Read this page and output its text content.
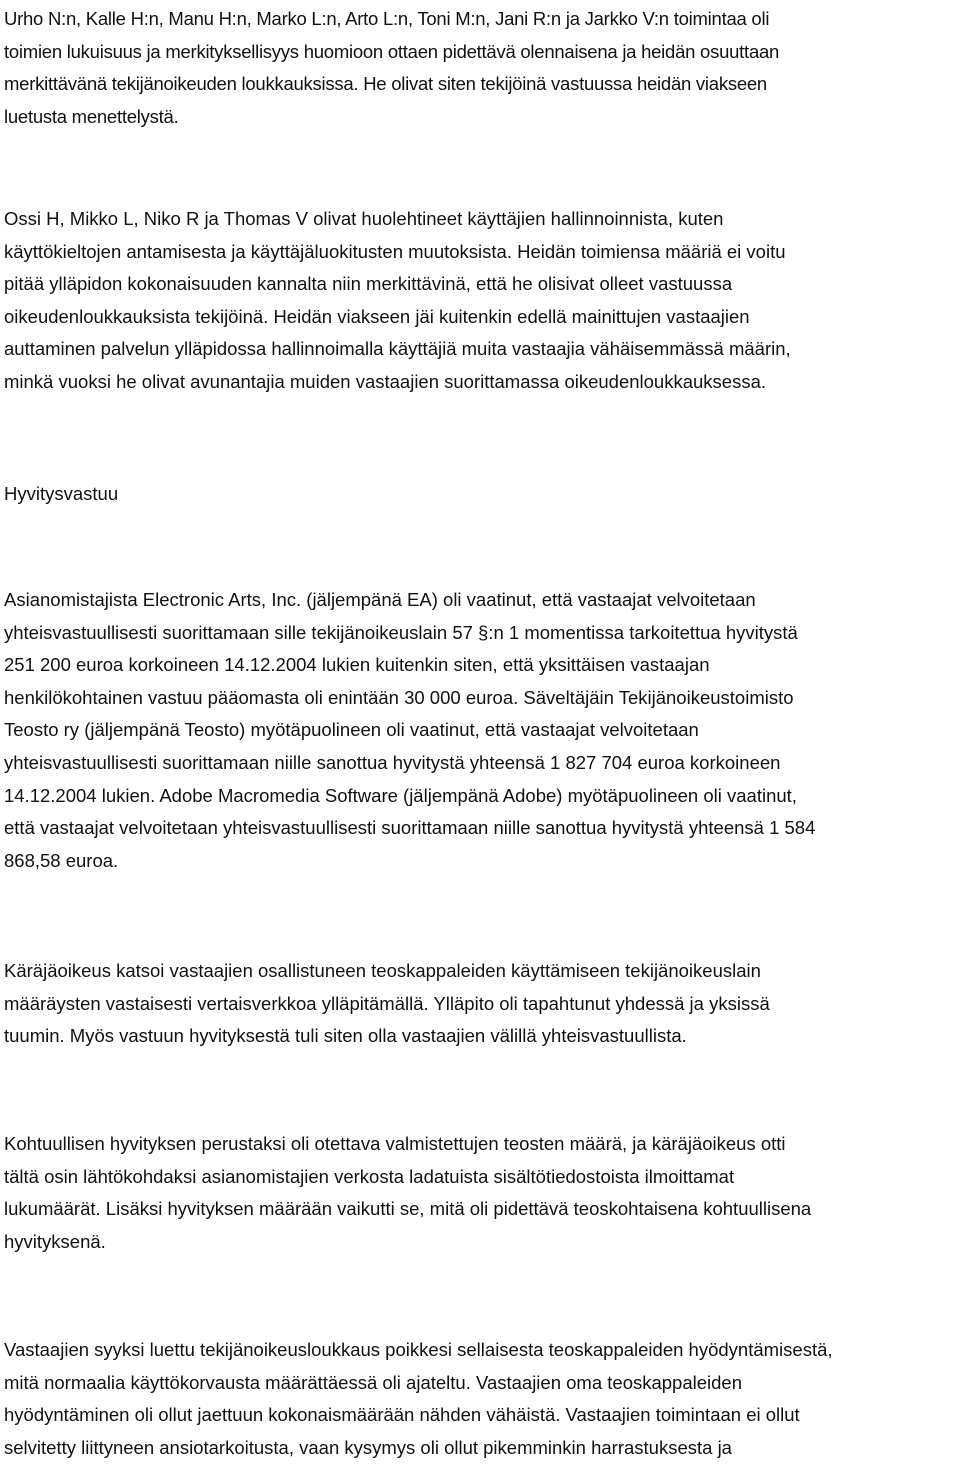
Urho N:n, Kalle H:n, Manu H:n, Marko L:n, Arto L:n, Toni M:n, Jani R:n ja Jarkko V:n toimintaa oli
toimien lukuisuus ja merkityksellisyys huomioon ottaen pidettävä olennaisena ja heidän osuuttaan
merkittävänä tekijänoikeuden loukkauksissa. He olivat siten tekijöinä vastuussa heidän viakseen
luetusta menettelystä.

Ossi H, Mikko L, Niko R ja Thomas V olivat huolehtineet käyttäjien hallinnoinnista, kuten
käyttökieltojen antamisesta ja käyttäjäluokitusten muutoksista. Heidän toimiensa määriä ei voitu
pitää ylläpidon kokonaisuuden kannalta niin merkittävinä, että he olisivat olleet vastuussa
oikeudenloukkauksista tekijöinä. Heidän viakseen jäi kuitenkin edellä mainittujen vastaajien
auttaminen palvelun ylläpidossa hallinnoimalla käyttäjiä muita vastaajia vähäisemmässä määrin,
minkä vuoksi he olivat avunantajia muiden vastaajien suorittamassa oikeudenloukkauksessa.

Hyvitysvastuu

Asianomistajista Electronic Arts, Inc. (jäljempänä EA) oli vaatinut, että vastaajat velvoitetaan
yhteisvastuullisesti suorittamaan sille tekijänoikeuslain 57 §:n 1 momentissa tarkoitettua hyvitystä
251 200 euroa korkoineen 14.12.2004 lukien kuitenkin siten, että yksittäisen vastaajan
henkilökohtainen vastuu pääomasta oli enintään 30 000 euroa. Säveltäjäin Tekijänoikeustoimisto
Teosto ry (jäljempänä Teosto) myötäpuolineen oli vaatinut, että vastaajat velvoitetaan
yhteisvastuullisesti suorittamaan niille sanottua hyvitystä yhteensä 1 827 704 euroa korkoineen
14.12.2004 lukien. Adobe Macromedia Software (jäljempänä Adobe) myötäpuolineen oli vaatinut,
että vastaajat velvoitetaan yhteisvastuullisesti suorittamaan niille sanottua hyvitystä yhteensä 1 584
868,58 euroa.

Käräjäoikeus katsoi vastaajien osallistuneen teoskappaleiden käyttämiseen tekijänoikeuslain
määräysten vastaisesti vertaisverkkoa ylläpitämällä. Ylläpito oli tapahtunut yhdessä ja yksissä
tuumin. Myös vastuun hyvityksestä tuli siten olla vastaajien välillä yhteisvastuullista.

Kohtuullisen hyvityksen perustaksi oli otettava valmistettujen teosten määrä, ja käräjäoikeus otti
tältä osin lähtökohdaksi asianomistajien verkosta ladatuista sisältötiedostoista ilmoittamat
lukumäärät. Lisäksi hyvityksen määrään vaikutti se, mitä oli pidettävä teoskohtaisena kohtuullisena
hyvityksenä.

Vastaajien syyksi luettu tekijänoikeusloukkaus poikkesi sellaisesta teoskappaleiden hyödyntämisestä,
mitä normaalia käyttökorvausta määrättäessä oli ajateltu. Vastaajien oma teoskappaleiden
hyödyntäminen oli ollut jaettuun kokonaismäärään nähden vähäistä. Vastaajien toimintaan ei ollut
selvitetty liittyneen ansiotarkoitusta, vaan kysymys oli ollut pikemminkin harrastuksesta ja
